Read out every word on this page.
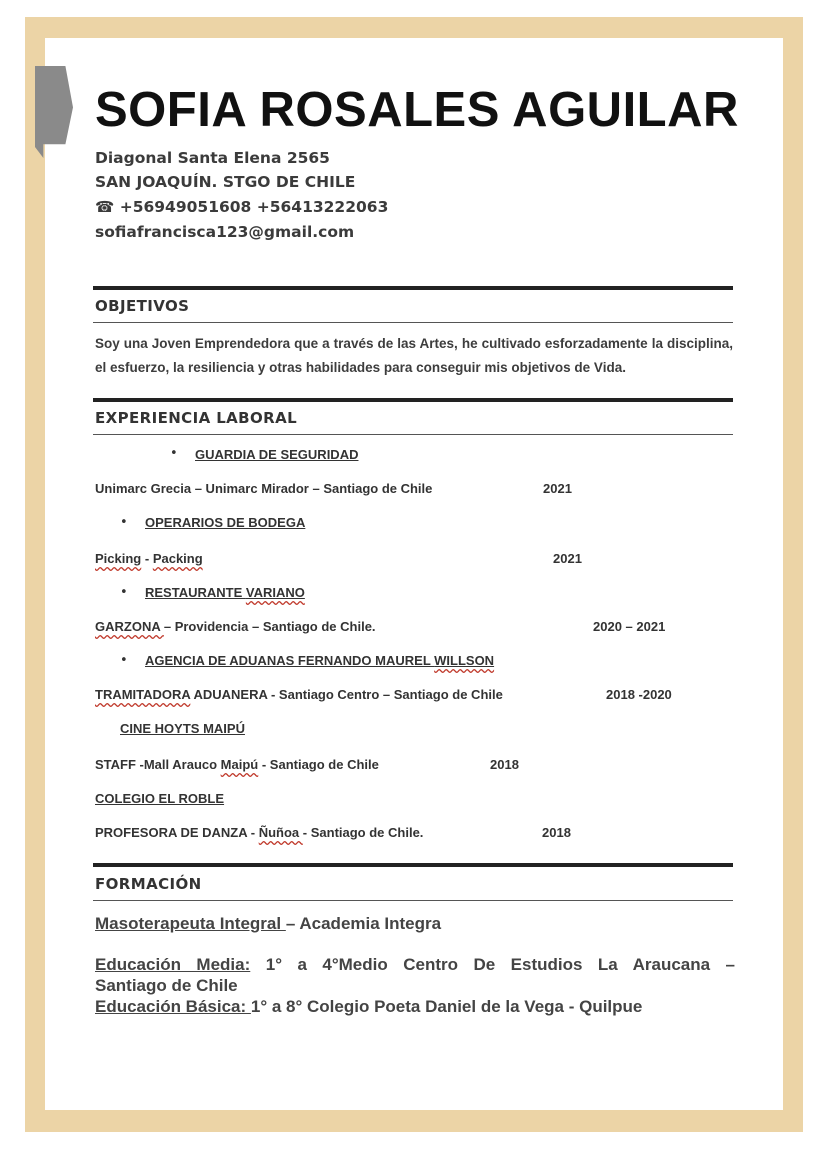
SOFIA ROSALES AGUILAR
Diagonal Santa Elena 2565
SAN JOAQUÍN. STGO DE CHILE
☎ +56949051608 +56413222063
sofiafrancisca123@gmail.com
OBJETIVOS
Soy una Joven Emprendedora que a través de las Artes, he cultivado esforzadamente la disciplina, el esfuerzo, la resiliencia y otras habilidades para conseguir mis objetivos de Vida.
EXPERIENCIA LABORAL
• GUARDIA DE SEGURIDAD
Unimarc Grecia – Unimarc Mirador – Santiago de Chile	2021
• OPERARIOS DE BODEGA
Picking - Packing	2021
• RESTAURANTE VARIANO
GARZONA – Providencia – Santiago de Chile.	2020 – 2021
• AGENCIA DE ADUANAS FERNANDO MAUREL WILLSON
TRAMITADORA ADUANERA - Santiago Centro – Santiago de Chile	2018 -2020
CINE HOYTS MAIPÚ
STAFF -Mall Arauco Maipú - Santiago de Chile	2018
COLEGIO EL ROBLE
PROFESORA DE DANZA - Ñuñoa - Santiago de Chile.	2018
FORMACIÓN
Masoterapeuta Integral – Academia Integra
Educación Media: 1° a 4°Medio Centro De Estudios La Araucana –
Santiago de Chile
Educación Básica: 1° a 8° Colegio Poeta Daniel de la Vega - Quilpue
